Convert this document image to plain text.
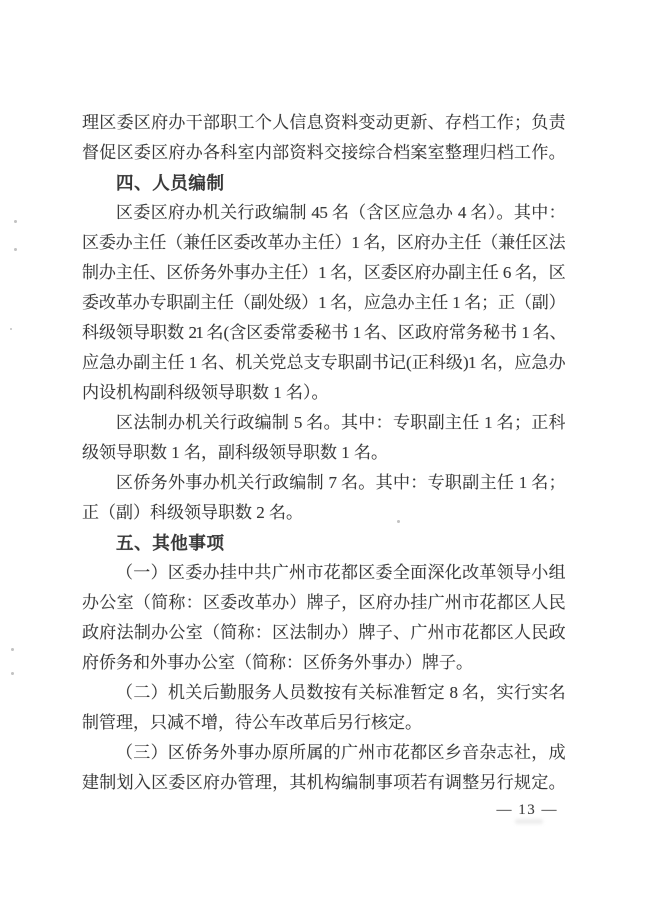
理区委区府办干部职工个人信息资料变动更新、存档工作；负责
督促区委区府办各科室内部资料交接综合档案室整理归档工作。
四、人员编制
区委区府办机关行政编制 45 名（含区应急办 4 名）。其中：
区委办主任（兼任区委改革办主任）1 名，区府办主任（兼任区法
制办主任、区侨务外事办主任）1 名，区委区府办副主任 6 名，区
委改革办专职副主任（副处级）1 名，应急办主任 1 名；正（副）
科级领导职数 21 名(含区委常委秘书 1 名、区政府常务秘书 1 名、
应急办副主任 1 名、机关党总支专职副书记(正科级)1 名，应急办
内设机构副科级领导职数 1 名）。
区法制办机关行政编制 5 名。其中：专职副主任 1 名；正科
级领导职数 1 名，副科级领导职数 1 名。
区侨务外事办机关行政编制 7 名。其中：专职副主任 1 名；
正（副）科级领导职数 2 名。
五、其他事项
（一）区委办挂中共广州市花都区委全面深化改革领导小组
办公室（简称：区委改革办）牌子，区府办挂广州市花都区人民
政府法制办公室（简称：区法制办）牌子、广州市花都区人民政
府侨务和外事办公室（简称：区侨务外事办）牌子。
（二）机关后勤服务人员数按有关标准暂定 8 名，实行实名
制管理，只减不增，待公车改革后另行核定。
（三）区侨务外事办原所属的广州市花都区乡音杂志社，成
建制划入区委区府办管理，其机构编制事项若有调整另行规定。
— 13 —
